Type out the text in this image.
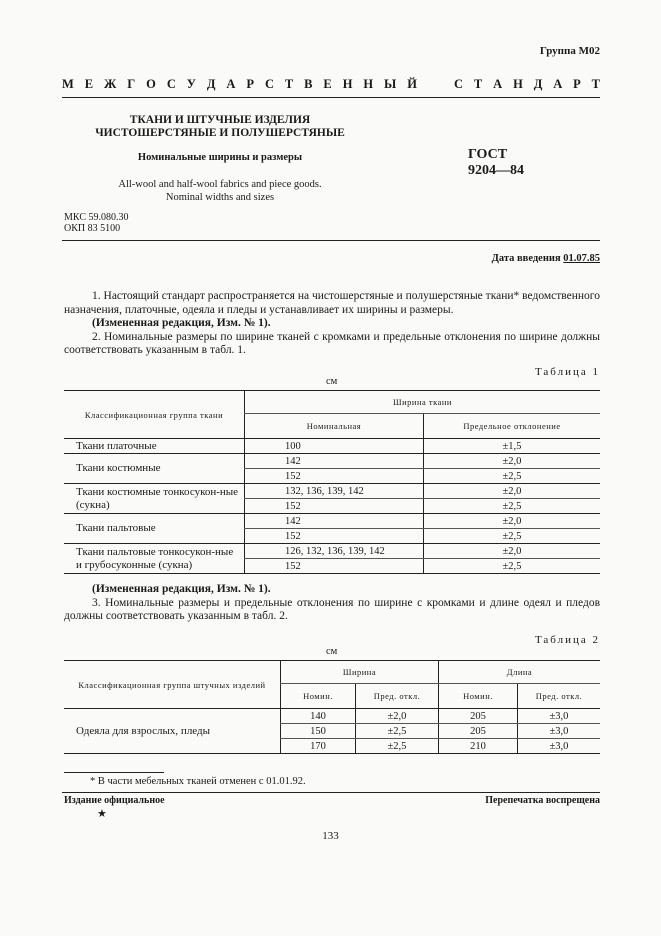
Группа М02
М Е Ж Г О С У Д А Р С Т В Е Н Н Ы Й	С Т А Н Д А Р Т
ТКАНИ И ШТУЧНЫЕ ИЗДЕЛИЯ
ЧИСТОШЕРСТЯНЫЕ И ПОЛУШЕРСТЯНЫЕ
Номинальные ширины и размеры
All-wool and half-wool fabrics and piece goods.
Nominal widths and sizes
ГОСТ
9204—84
МКС 59.080.30
ОКП 83 5100
Дата введения 01.07.85

1. Настоящий стандарт распространяется на чистошерстяные и полушерстяные ткани* ведомственного назначения, платочные, одеяла и пледы и устанавливает их ширины и размеры.

(Измененная редакция, Изм. № 1).

2. Номинальные размеры по ширине тканей с кромками и предельные отклонения по ширине должны соответствовать указанным в табл. 1.

Таблица 1
см
Классификационная группа ткани	Ширина ткани	
	Номинальная	Предельное отклонение
Ткани платочные	100	±1,5
Ткани костюмные	142	±2,0
	152	±2,5
Ткани костюмные тонкосукон-ные (сукна)	132, 136, 139, 142	±2,0
	152	±2,5
Ткани пальтовые	142	±2,0
	152	±2,5
Ткани пальтовые тонкосукон-ные и грубосуконные (сукна)	126, 132, 136, 139, 142	±2,0
	152	±2,5

(Измененная редакция, Изм. № 1).

3. Номинальные размеры и предельные отклонения по ширине с кромками и длине одеял и пледов должны соответствовать указанным в табл. 2.

Таблица 2
см
Классификационная группа штучных изделий	Ширина		Длина	
	Номин.	Пред. откл.	Номин.	Пред. откл.
Одеяла для взрослых, пледы	140	±2,0	205	±3,0
	150	±2,5	205	±3,0
	170	±2,5	210	±3,0
* В части мебельных тканей отменен с 01.01.92.
Издание официальное
★
Перепечатка воспрещена
133
